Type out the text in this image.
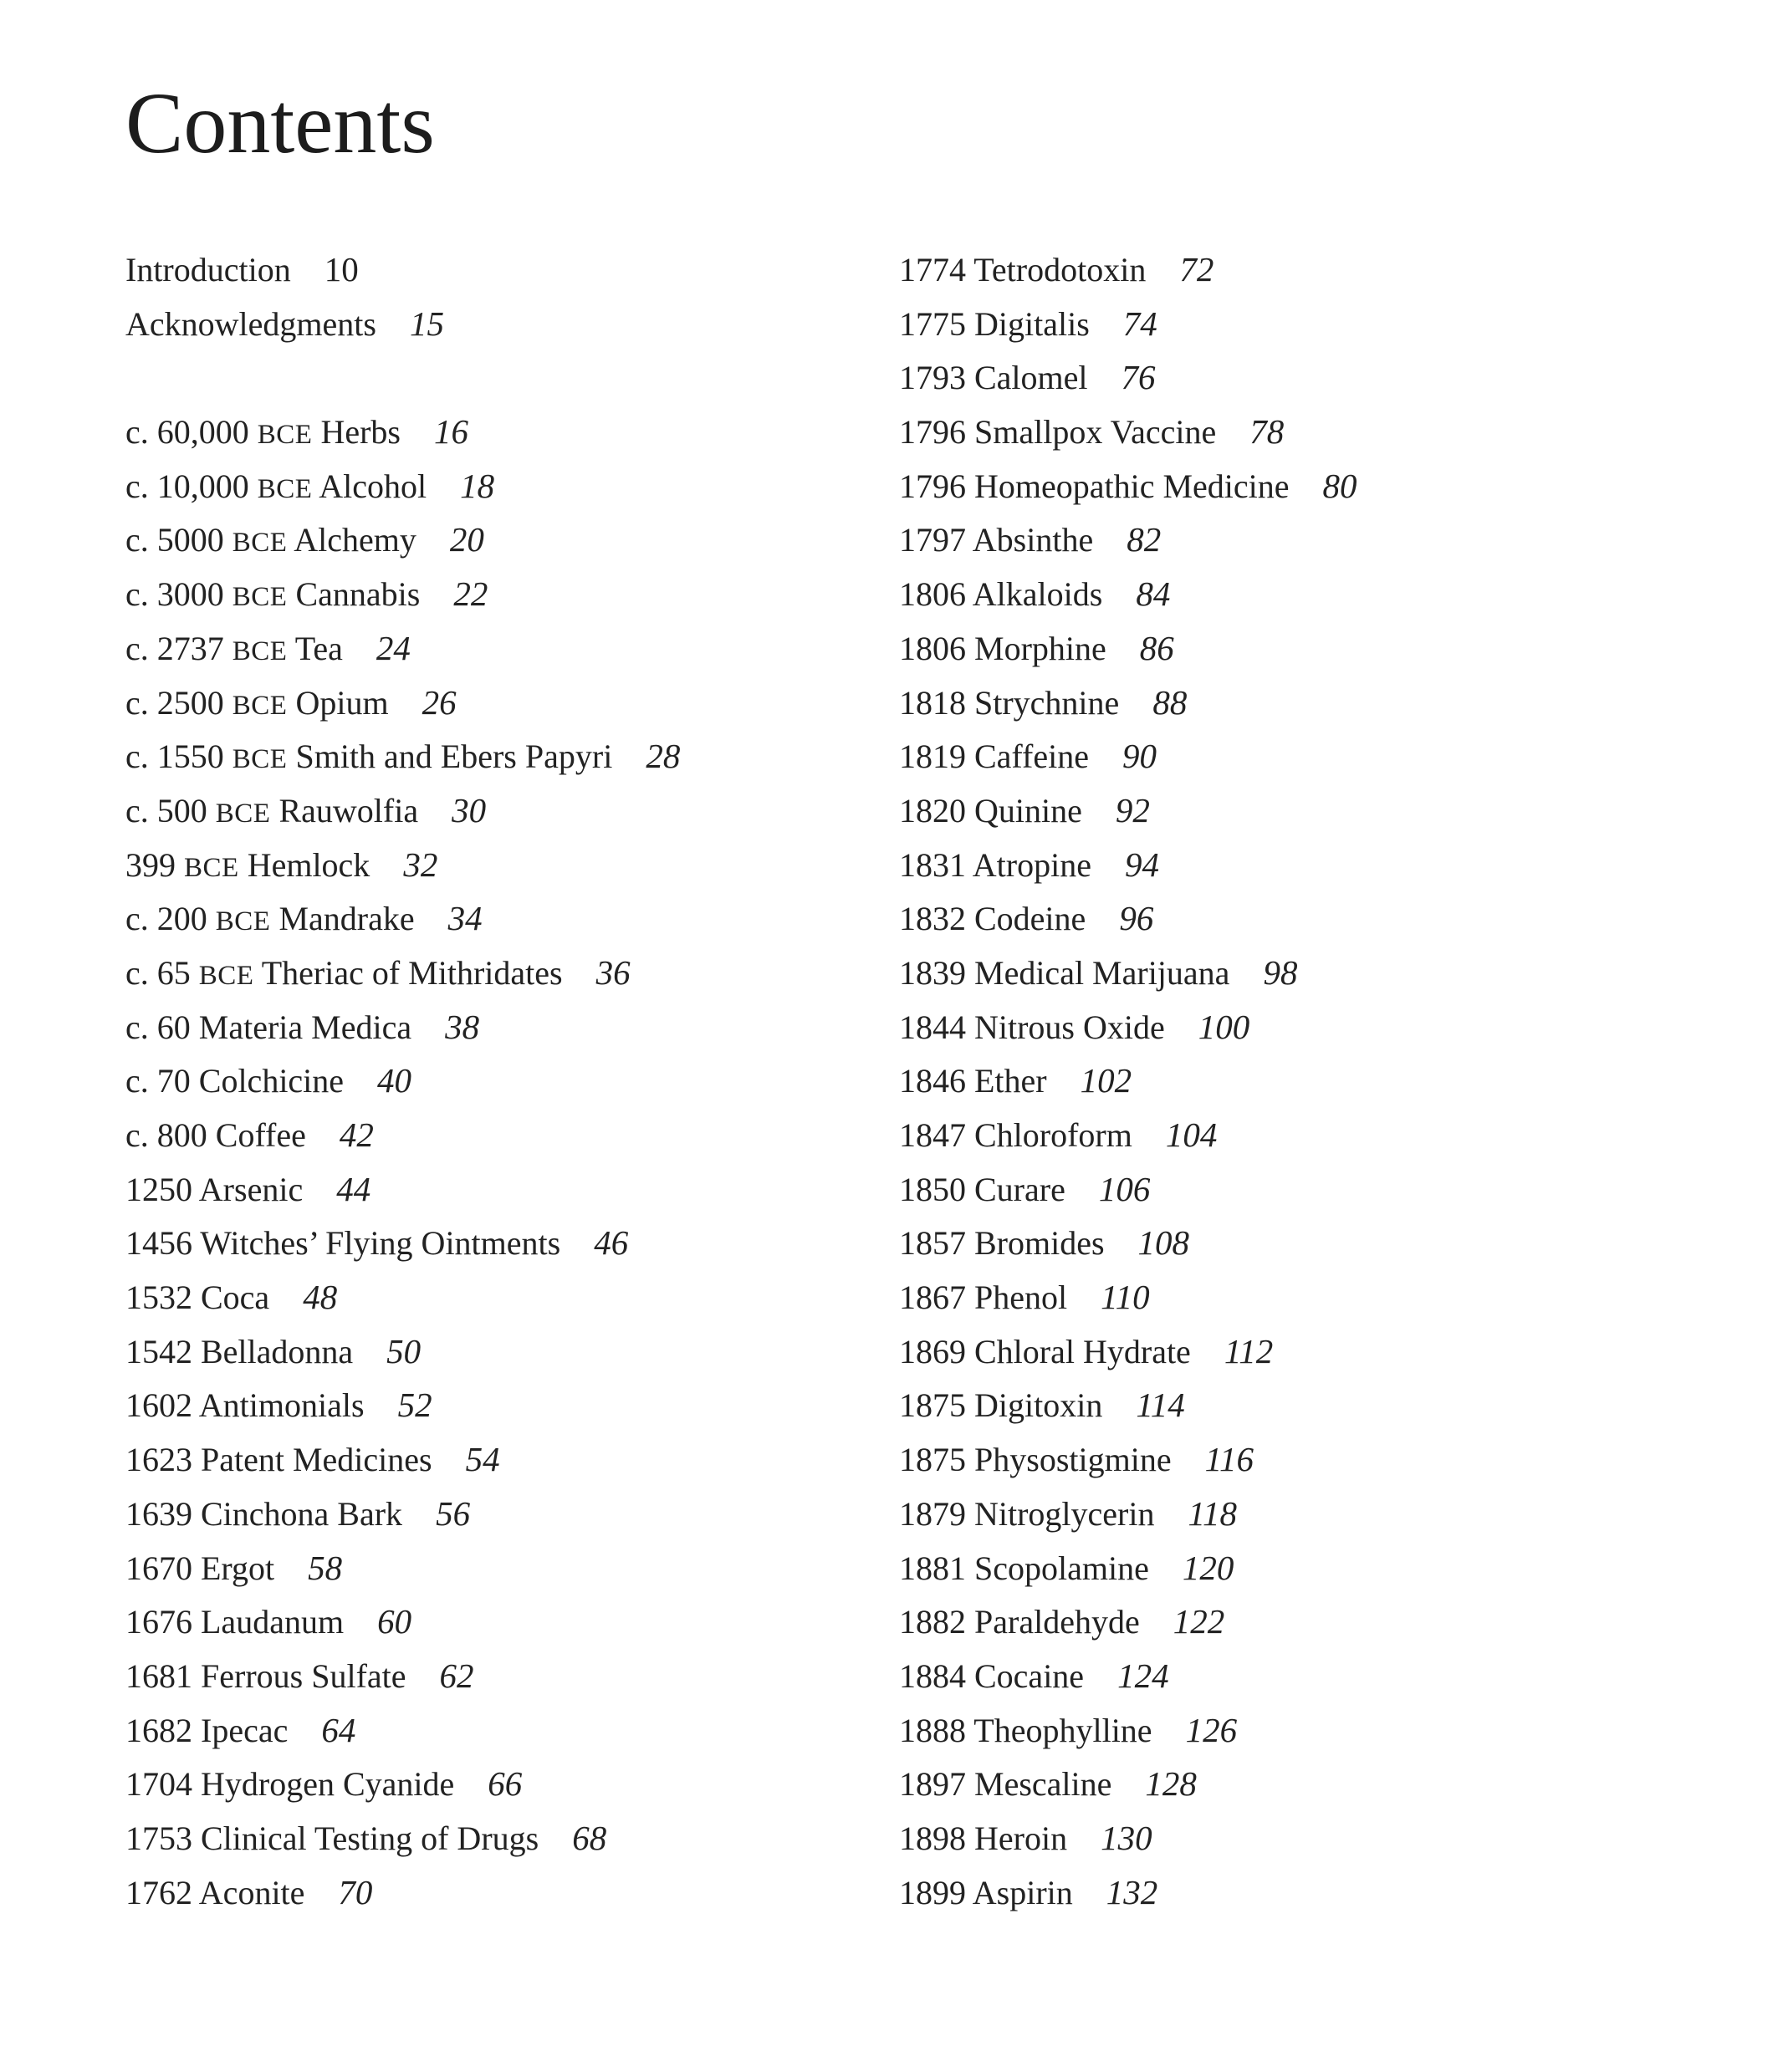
Contents
Introduction 10
Acknowledgments 15
c. 60,000 BCE Herbs 16
c. 10,000 BCE Alcohol 18
c. 5000 BCE Alchemy 20
c. 3000 BCE Cannabis 22
c. 2737 BCE Tea 24
c. 2500 BCE Opium 26
c. 1550 BCE Smith and Ebers Papyri 28
c. 500 BCE Rauwolfia 30
399 BCE Hemlock 32
c. 200 BCE Mandrake 34
c. 65 BCE Theriac of Mithridates 36
c. 60 Materia Medica 38
c. 70 Colchicine 40
c. 800 Coffee 42
1250 Arsenic 44
1456 Witches’ Flying Ointments 46
1532 Coca 48
1542 Belladonna 50
1602 Antimonials 52
1623 Patent Medicines 54
1639 Cinchona Bark 56
1670 Ergot 58
1676 Laudanum 60
1681 Ferrous Sulfate 62
1682 Ipecac 64
1704 Hydrogen Cyanide 66
1753 Clinical Testing of Drugs 68
1762 Aconite 70
1774 Tetrodotoxin 72
1775 Digitalis 74
1793 Calomel 76
1796 Smallpox Vaccine 78
1796 Homeopathic Medicine 80
1797 Absinthe 82
1806 Alkaloids 84
1806 Morphine 86
1818 Strychnine 88
1819 Caffeine 90
1820 Quinine 92
1831 Atropine 94
1832 Codeine 96
1839 Medical Marijuana 98
1844 Nitrous Oxide 100
1846 Ether 102
1847 Chloroform 104
1850 Curare 106
1857 Bromides 108
1867 Phenol 110
1869 Chloral Hydrate 112
1875 Digitoxin 114
1875 Physostigmine 116
1879 Nitroglycerin 118
1881 Scopolamine 120
1882 Paraldehyde 122
1884 Cocaine 124
1888 Theophylline 126
1897 Mescaline 128
1898 Heroin 130
1899 Aspirin 132
